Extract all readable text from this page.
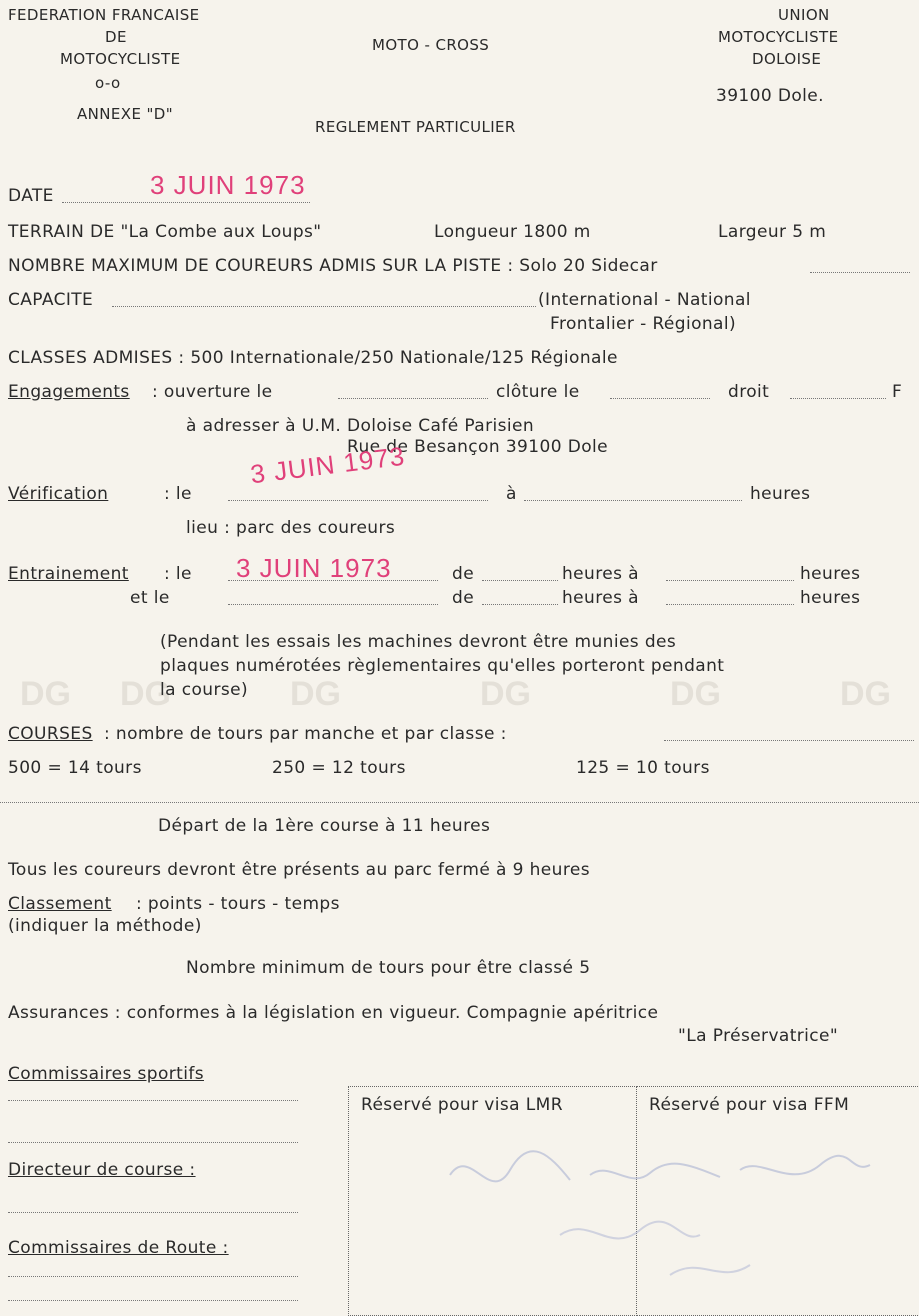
DG DG	DG	DG	DG	DG
FEDERATION FRANCAISE
DE
MOTOCYCLISTE
o-o
ANNEXE "D"
MOTO - CROSS
UNION
MOTOCYCLISTE
DOLOISE
39100 Dole.
REGLEMENT PARTICULIER
DATE	3 JUIN 1973
TERRAIN DE "La Combe aux Loups"	Longueur 1800 m	Largeur 5 m
NOMBRE MAXIMUM DE COUREURS ADMIS SUR LA PISTE : Solo 20 Sidecar
CAPACITE	(International - National
Frontalier - Régional)
CLASSES ADMISES : 500 Internationale/250 Nationale/125 Régionale
Engagements : ouverture le	clôture le	droit	F
à adresser à U.M. Doloise Café Parisien
Rue de Besançon 39100 Dole
3 JUIN 1973
Vérification	: le	à	heures
lieu : parc des coureurs
3 JUIN 1973
Entrainement : le	de	heures à	heures
et le	de	heures à	heures
(Pendant les essais les machines devront être munies des
plaques numérotées règlementaires qu'elles porteront pendant
la course)
COURSES : nombre de tours par manche et par classe :
500 = 14 tours	250 = 12 tours	125 = 10 tours
Départ de la 1ère course à 11 heures
Tous les coureurs devront être présents au parc fermé à 9 heures
Classement : points - tours - temps
(indiquer la méthode)
Nombre minimum de tours pour être classé 5
Assurances : conformes à la législation en vigueur. Compagnie apéritrice
"La Préservatrice"
Commissaires sportifs
Directeur de course :
Commissaires de Route :
Réservé pour visa LMR	Réservé pour visa FFM
